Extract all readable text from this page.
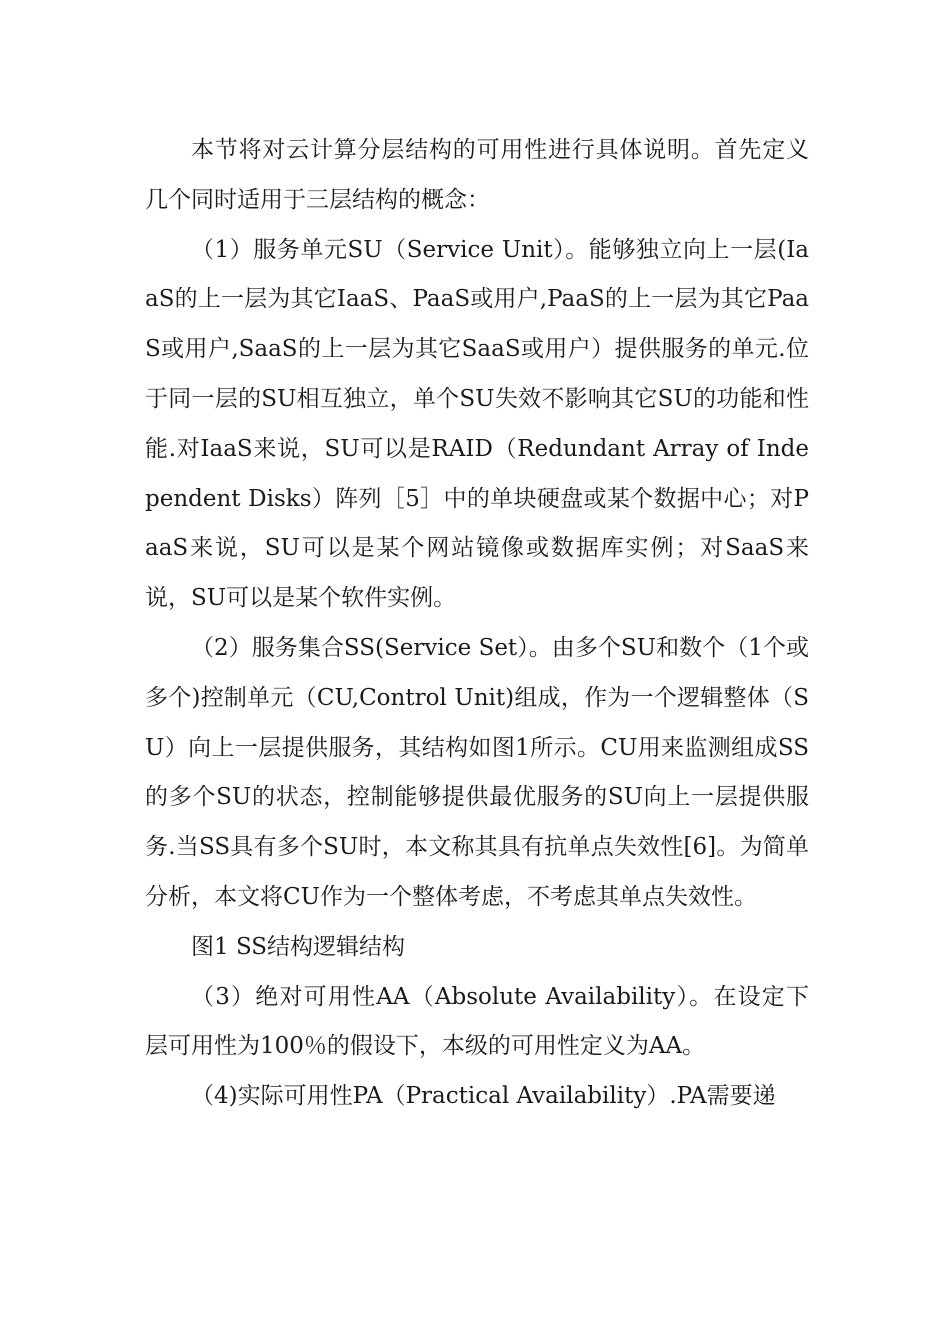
本节将对云计算分层结构的可用性进行具体说明。首先定义几个同时适用于三层结构的概念：

（1）服务单元SU（Service Unit）。能够独立向上一层(IaaS的上一层为其它IaaS、PaaS或用户,PaaS的上一层为其它PaaS或用户,SaaS的上一层为其它SaaS或用户）提供服务的单元.位于同一层的SU相互独立，单个SU失效不影响其它SU的功能和性能.对IaaS来说，SU可以是RAID（Redundant Array of Independent Disks）阵列［5］中的单块硬盘或某个数据中心；对PaaS来说，SU可以是某个网站镜像或数据库实例；对SaaS来说，SU可以是某个软件实例。

（2）服务集合SS(Service Set）。由多个SU和数个（1个或多个)控制单元（CU,Control Unit)组成，作为一个逻辑整体（SU）向上一层提供服务，其结构如图1所示。CU用来监测组成SS的多个SU的状态，控制能够提供最优服务的SU向上一层提供服务.当SS具有多个SU时，本文称其具有抗单点失效性[6]。为简单分析，本文将CU作为一个整体考虑，不考虑其单点失效性。

图1 SS结构逻辑结构

（3）绝对可用性AA（Absolute Availability）。在设定下层可用性为100％的假设下，本级的可用性定义为AA。

（4)实际可用性PA（Practical Availability）.PA需要递
